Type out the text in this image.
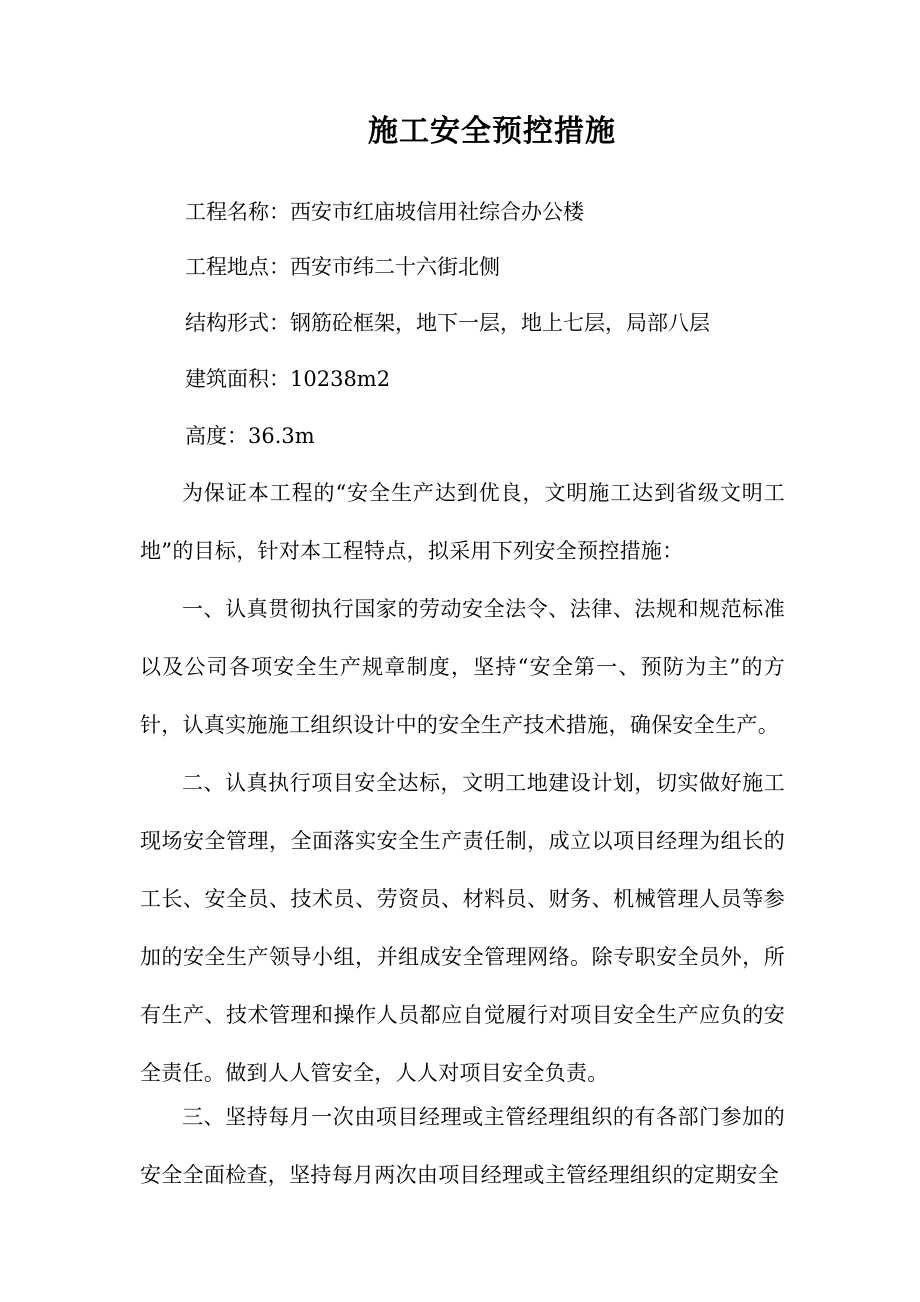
施工安全预控措施
工程名称：西安市红庙坡信用社综合办公楼
工程地点：西安市纬二十六街北侧
结构形式：钢筋砼框架，地下一层，地上七层，局部八层
建筑面积：10238m2
高度：36.3m
为保证本工程的“安全生产达到优良，文明施工达到省级文明工地”的目标，针对本工程特点，拟采用下列安全预控措施：
一、认真贯彻执行国家的劳动安全法令、法律、法规和规范标准以及公司各项安全生产规章制度，坚持“安全第一、预防为主”的方针，认真实施施工组织设计中的安全生产技术措施，确保安全生产。
二、认真执行项目安全达标，文明工地建设计划，切实做好施工现场安全管理，全面落实安全生产责任制，成立以项目经理为组长的工长、安全员、技术员、劳资员、材料员、财务、机械管理人员等参加的安全生产领导小组，并组成安全管理网络。除专职安全员外，所有生产、技术管理和操作人员都应自觉履行对项目安全生产应负的安全责任。做到人人管安全，人人对项目安全负责。
三、坚持每月一次由项目经理或主管经理组织的有各部门参加的安全全面检查，坚持每月两次由项目经理或主管经理组织的定期安全
